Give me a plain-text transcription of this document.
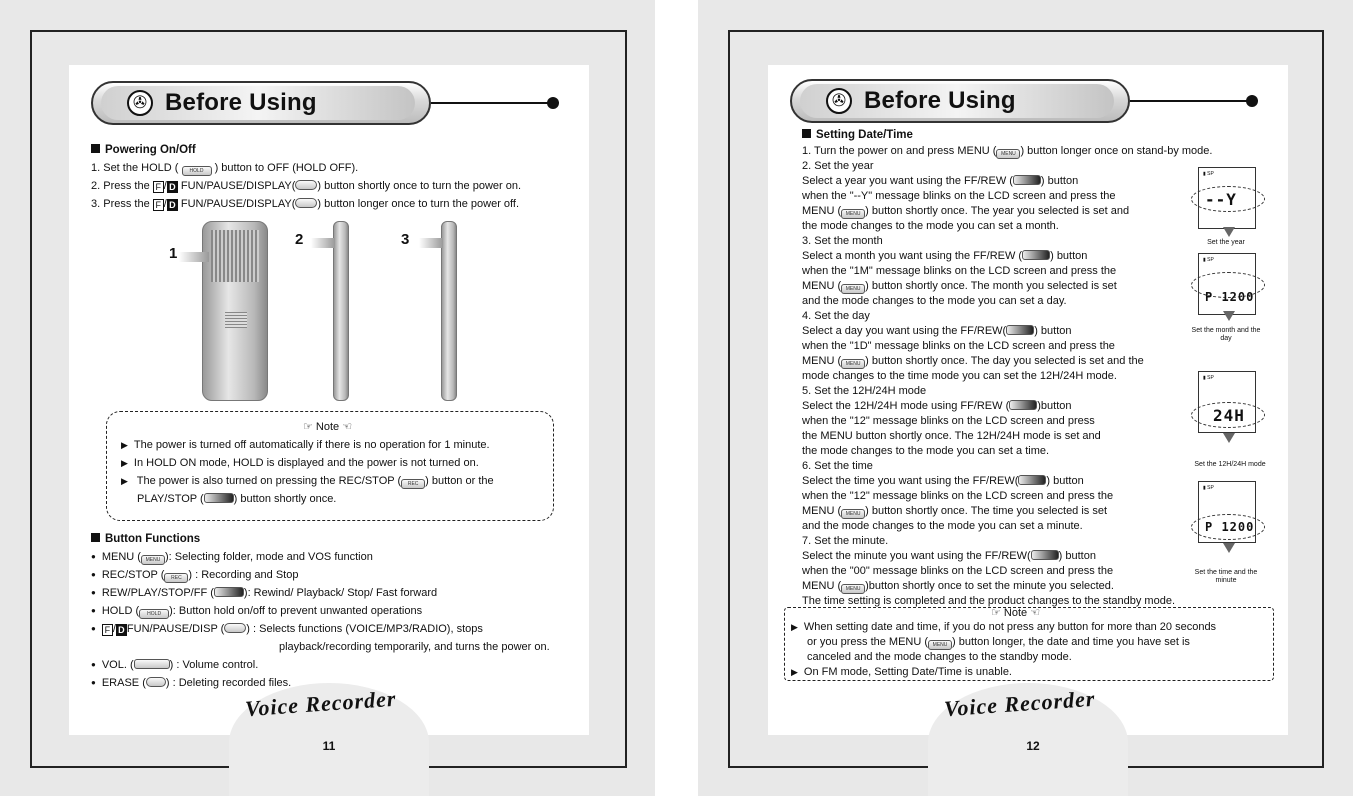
✇ Before Using
Powering On/Off
1. Set the HOLD ( HOLD ) button to OFF (HOLD OFF).
2. Press the F / D FUN/PAUSE/DISPLAY( ) button shortly once to turn the power on.
3. Press the F / D FUN/PAUSE/DISPLAY( ) button longer once to turn the power off.
1
2	3
☞ Note ☜
▶ The power is turned off automatically if there is no operation for 1 minute.
▶ In HOLD ON mode, HOLD is displayed and the power is not turned on.
▶ The power is also turned on pressing the REC/STOP ( REC ) button or the
PLAY/STOP (	) button shortly once.
Button Functions
● MENU ( MENU ): Selecting folder, mode and VOS function
● REC/STOP ( REC ) : Recording and Stop
● REW/PLAY/STOP/FF (	): Rewind/ Playback/ Stop/ Fast forward
● HOLD ( HOLD ): Button hold on/off to prevent unwanted operations
● F / D FUN/PAUSE/DISP ( ) : Selects functions (VOICE/MP3/RADIO), stops
playback/recording temporarily, and turns the power on.
● VOL. (	) : Volume control.
● ERASE ( ) : Deleting recorded files.
Voice Recorder
11
✇ Before Using
Setting Date/Time
1. Turn the power on and press MENU ( MENU ) button longer once on stand-by mode.
2. Set the year
Select a year you want using the FF/REW (	) button
when the "--Y" message blinks on the LCD screen and press the
MENU ( MENU ) button shortly once. The year you selected is set and
the mode changes to the mode you can set a month.
3. Set the month
Select a month you want using the FF/REW (	) button
when the "1M" message blinks on the LCD screen and press the
MENU ( MENU ) button shortly once. The month you selected is set
and the mode changes to the mode you can set a day.
4. Set the day
Select a day you want using the FF/REW(	) button
when the "1D" message blinks on the LCD screen and press the
MENU ( MENU ) button shortly once. The day you selected is set and the
mode changes to the time mode you can set the 12H/24H mode.
5. Set the 12H/24H mode
Select the 12H/24H mode using FF/REW (	)button
when the "12" message blinks on the LCD screen and press
the MENU button shortly once. The 12H/24H mode is set and
the mode changes to the mode you can set a time.
6. Set the time
Select the time you want using the FF/REW(	) button
when the "12" message blinks on the LCD screen and press the
MENU ( MENU ) button shortly once. The time you selected is set
and the mode changes to the mode you can set a minute.
7. Set the minute.
Select the minute you want using the FF/REW(	) button
when the "00" message blinks on the LCD screen and press the
MENU ( MENU )button shortly once to set the minute you selected.
The time setting is completed and the product changes to the standby mode.
▮ SP
--Y
Set the year
▮ SP
P 1200
Set the month and the day
▮ SP
24H
Set the 12H/24H mode
▮ SP
P 1200
Set the time and the minute
☞ Note ☜
▶ When setting date and time, if you do not press any button for more than 20 seconds
or you press the MENU ( MENU ) button longer, the date and time you have set is
canceled and the mode changes to the standby mode.
▶ On FM mode, Setting Date/Time is unable.
Voice Recorder
12
